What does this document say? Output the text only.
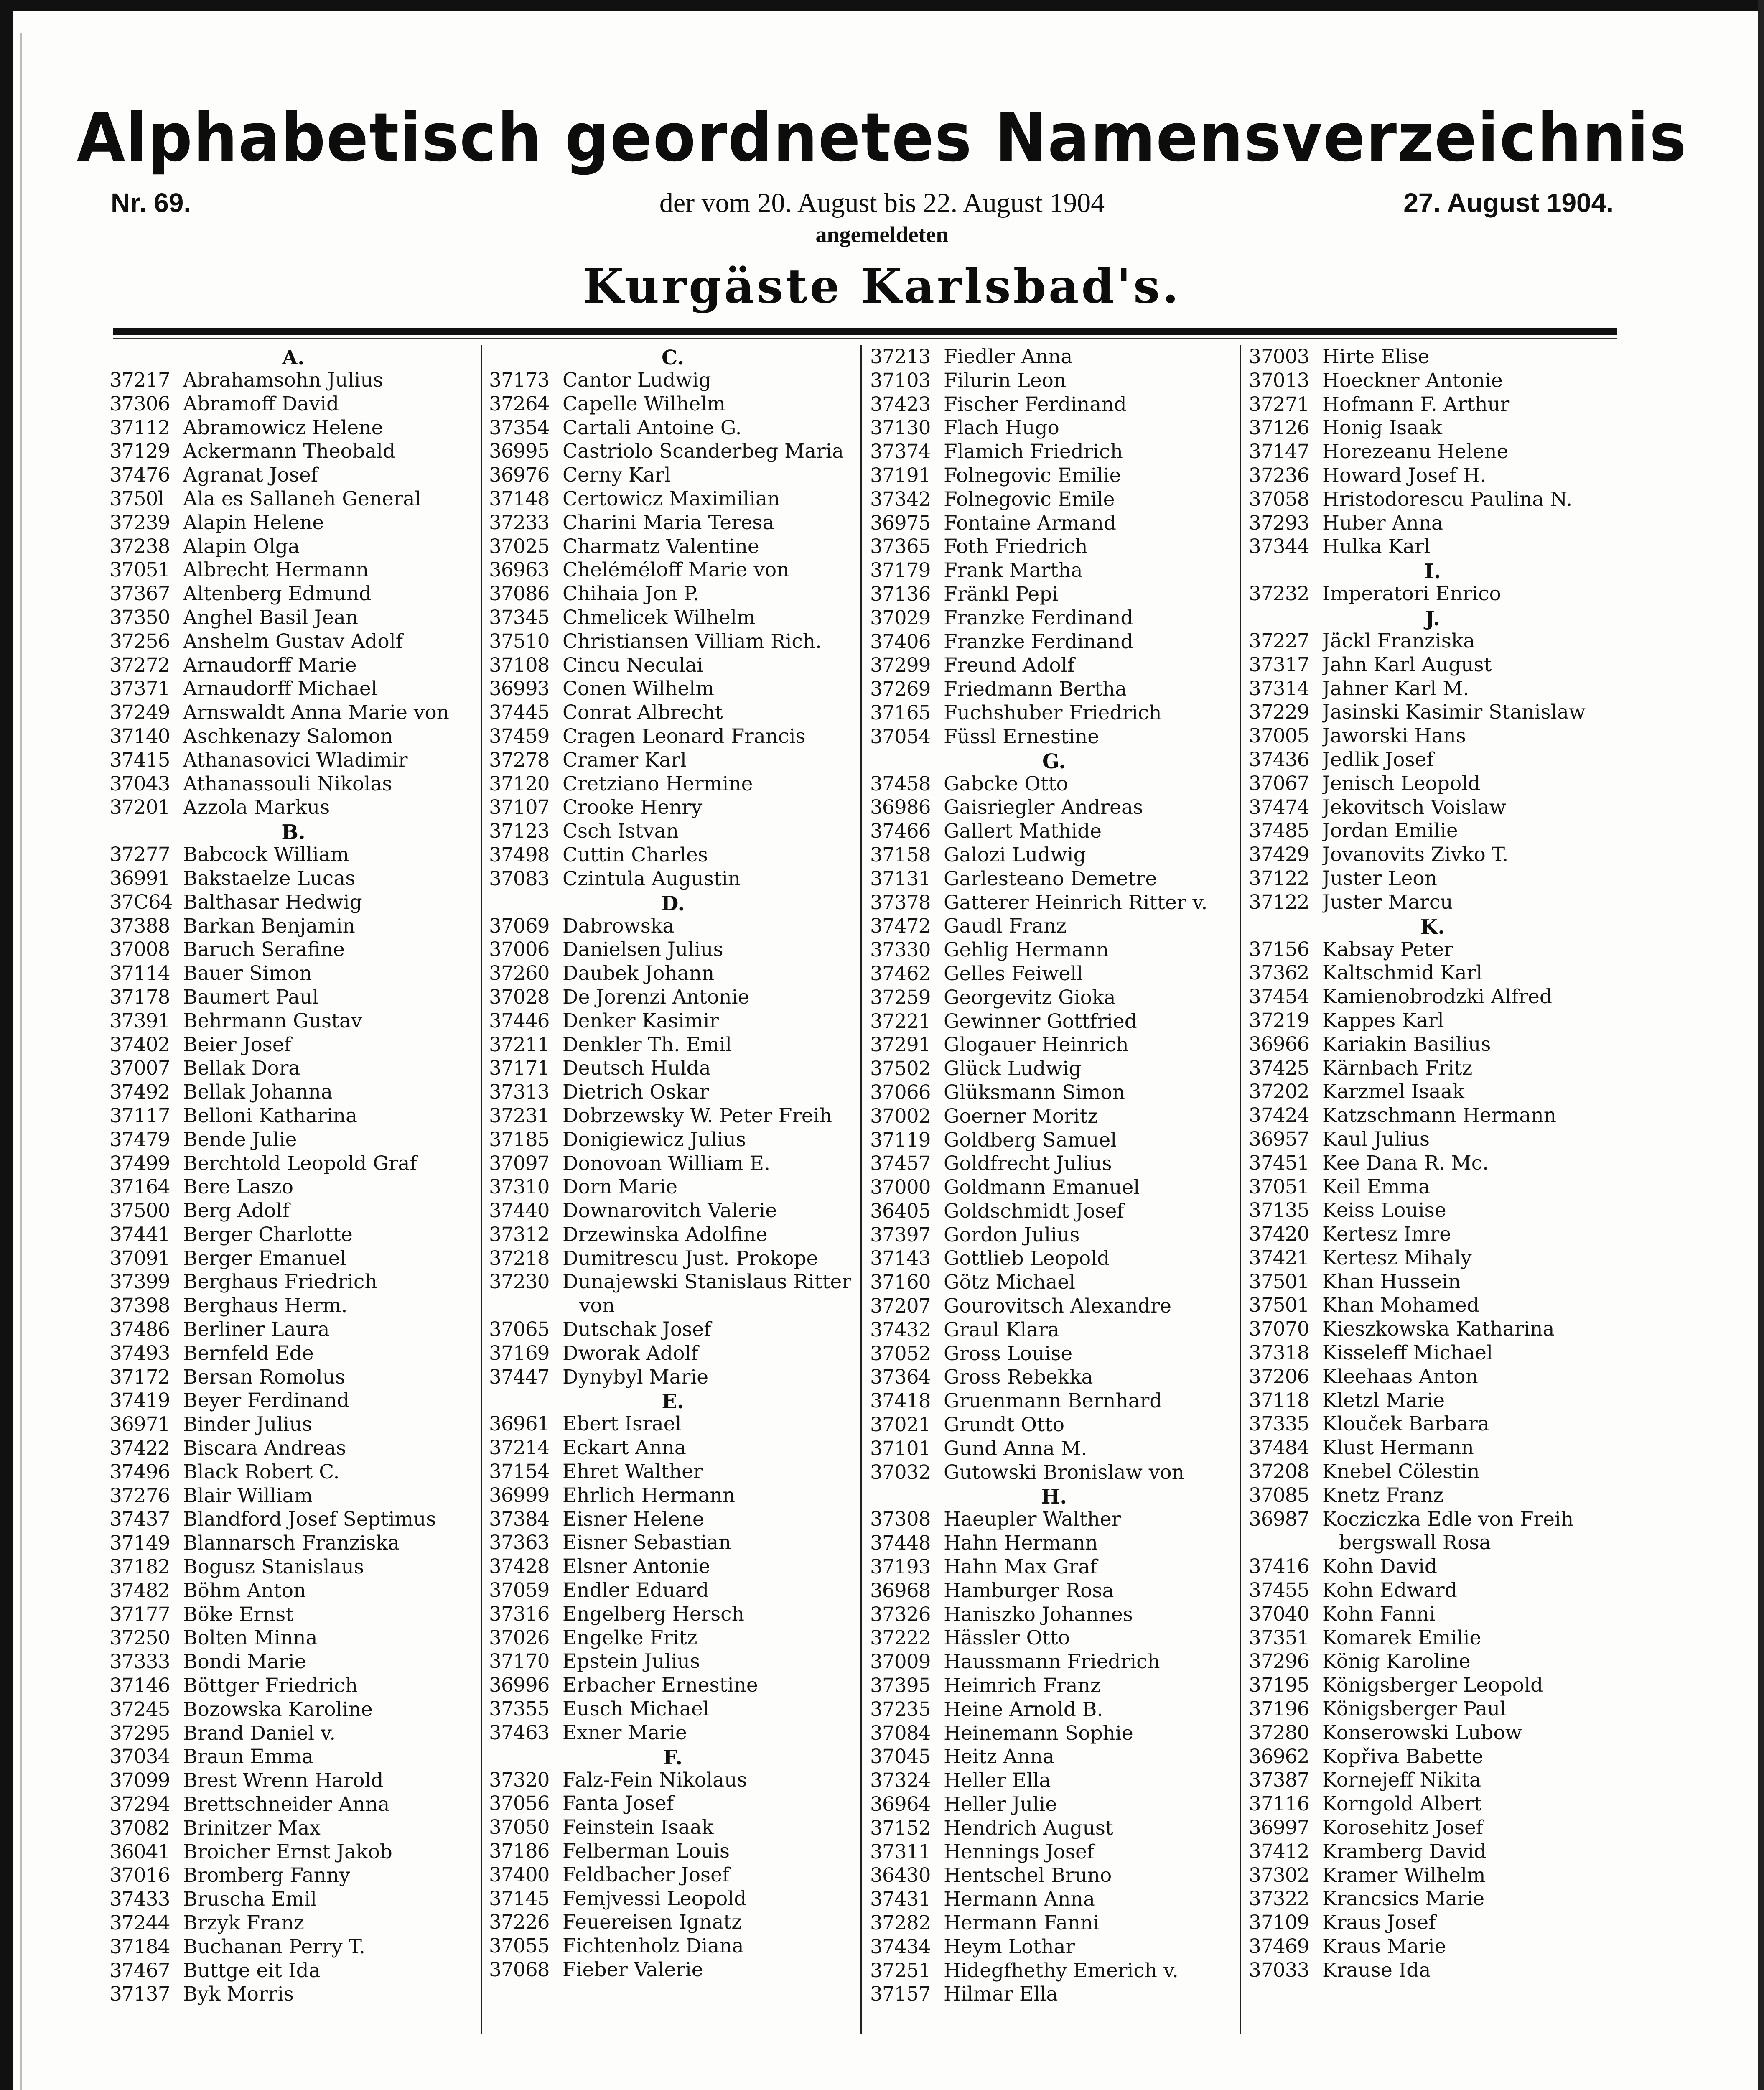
Alphabetisch geordnetes Namensverzeichnis
Nr. 69.	der vom 20. August bis 22. August 1904	27. August 1904.
angemeldeten
Kurgäste Karlsbad's.
A.
37217 Abrahamsohn Julius
37306 Abramoff David
37112 Abramowicz Helene
37129 Ackermann Theobald
37476 Agranat Josef
3750l Ala es Sallaneh General
37239 Alapin Helene
37238 Alapin Olga
37051 Albrecht Hermann
37367 Altenberg Edmund
37350 Anghel Basil Jean
37256 Anshelm Gustav Adolf
37272 Arnaudorff Marie
37371 Arnaudorff Michael
37249 Arnswaldt Anna Marie von
37140 Aschkenazy Salomon
37415 Athanasovici Wladimir
37043 Athanassouli Nikolas
37201 Azzola Markus
B.
37277 Babcock William
36991 Bakstaelze Lucas
37C64 Balthasar Hedwig
37388 Barkan Benjamin
37008 Baruch Serafine
37114 Bauer Simon
37178 Baumert Paul
37391 Behrmann Gustav
37402 Beier Josef
37007 Bellak Dora
37492 Bellak Johanna
37117 Belloni Katharina
37479 Bende Julie
37499 Berchtold Leopold Graf
37164 Bere Laszo
37500 Berg Adolf
37441 Berger Charlotte
37091 Berger Emanuel
37399 Berghaus Friedrich
37398 Berghaus Herm.
37486 Berliner Laura
37493 Bernfeld Ede
37172 Bersan Romolus
37419 Beyer Ferdinand
36971 Binder Julius
37422 Biscara Andreas
37496 Black Robert C.
37276 Blair William
37437 Blandford Josef Septimus
37149 Blannarsch Franziska
37182 Bogusz Stanislaus
37482 Böhm Anton
37177 Böke Ernst
37250 Bolten Minna
37333 Bondi Marie
37146 Böttger Friedrich
37245 Bozowska Karoline
37295 Brand Daniel v.
37034 Braun Emma
37099 Brest Wrenn Harold
37294 Brettschneider Anna
37082 Brinitzer Max
36041 Broicher Ernst Jakob
37016 Bromberg Fanny
37433 Bruscha Emil
37244 Brzyk Franz
37184 Buchanan Perry T.
37467 Buttge eit Ida
37137 Byk Morris
C.
37173 Cantor Ludwig
37264 Capelle Wilhelm
37354 Cartali Antoine G.
36995 Castriolo Scanderbeg Maria
36976 Cerny Karl
37148 Certowicz Maximilian
37233 Charini Maria Teresa
37025 Charmatz Valentine
36963 Cheléméloff Marie von
37086 Chihaia Jon P.
37345 Chmelicek Wilhelm
37510 Christiansen Villiam Rich.
37108 Cincu Neculai
36993 Conen Wilhelm
37445 Conrat Albrecht
37459 Cragen Leonard Francis
37278 Cramer Karl
37120 Cretziano Hermine
37107 Crooke Henry
37123 Csch Istvan
37498 Cuttin Charles
37083 Czintula Augustin
D.
37069 Dabrowska
37006 Danielsen Julius
37260 Daubek Johann
37028 De Jorenzi Antonie
37446 Denker Kasimir
37211 Denkler Th. Emil
37171 Deutsch Hulda
37313 Dietrich Oskar
37231 Dobrzewsky W. Peter Freih
37185 Donigiewicz Julius
37097 Donovoan William E.
37310 Dorn Marie
37440 Downarovitch Valerie
37312 Drzewinska Adolfine
37218 Dumitrescu Just. Prokope
37230 Dunajewski Stanislaus Ritter
von
37065 Dutschak Josef
37169 Dworak Adolf
37447 Dynybyl Marie
E.
36961 Ebert Israel
37214 Eckart Anna
37154 Ehret Walther
36999 Ehrlich Hermann
37384 Eisner Helene
37363 Eisner Sebastian
37428 Elsner Antonie
37059 Endler Eduard
37316 Engelberg Hersch
37026 Engelke Fritz
37170 Epstein Julius
36996 Erbacher Ernestine
37355 Eusch Michael
37463 Exner Marie
F.
37320 Falz-Fein Nikolaus
37056 Fanta Josef
37050 Feinstein Isaak
37186 Felberman Louis
37400 Feldbacher Josef
37145 Femjvessi Leopold
37226 Feuereisen Ignatz
37055 Fichtenholz Diana
37068 Fieber Valerie
37213 Fiedler Anna
37103 Filurin Leon
37423 Fischer Ferdinand
37130 Flach Hugo
37374 Flamich Friedrich
37191 Folnegovic Emilie
37342 Folnegovic Emile
36975 Fontaine Armand
37365 Foth Friedrich
37179 Frank Martha
37136 Fränkl Pepi
37029 Franzke Ferdinand
37406 Franzke Ferdinand
37299 Freund Adolf
37269 Friedmann Bertha
37165 Fuchshuber Friedrich
37054 Füssl Ernestine
G.
37458 Gabcke Otto
36986 Gaisriegler Andreas
37466 Gallert Mathide
37158 Galozi Ludwig
37131 Garlesteano Demetre
37378 Gatterer Heinrich Ritter v.
37472 Gaudl Franz
37330 Gehlig Hermann
37462 Gelles Feiwell
37259 Georgevitz Gioka
37221 Gewinner Gottfried
37291 Glogauer Heinrich
37502 Glück Ludwig
37066 Glüksmann Simon
37002 Goerner Moritz
37119 Goldberg Samuel
37457 Goldfrecht Julius
37000 Goldmann Emanuel
36405 Goldschmidt Josef
37397 Gordon Julius
37143 Gottlieb Leopold
37160 Götz Michael
37207 Gourovitsch Alexandre
37432 Graul Klara
37052 Gross Louise
37364 Gross Rebekka
37418 Gruenmann Bernhard
37021 Grundt Otto
37101 Gund Anna M.
37032 Gutowski Bronislaw von
H.
37308 Haeupler Walther
37448 Hahn Hermann
37193 Hahn Max Graf
36968 Hamburger Rosa
37326 Haniszko Johannes
37222 Hässler Otto
37009 Haussmann Friedrich
37395 Heimrich Franz
37235 Heine Arnold B.
37084 Heinemann Sophie
37045 Heitz Anna
37324 Heller Ella
36964 Heller Julie
37152 Hendrich August
37311 Hennings Josef
36430 Hentschel Bruno
37431 Hermann Anna
37282 Hermann Fanni
37434 Heym Lothar
37251 Hidegfhethy Emerich v.
37157 Hilmar Ella
37003 Hirte Elise
37013 Hoeckner Antonie
37271 Hofmann F. Arthur
37126 Honig Isaak
37147 Horezeanu Helene
37236 Howard Josef H.
37058 Hristodorescu Paulina N.
37293 Huber Anna
37344 Hulka Karl
I.
37232 Imperatori Enrico
J.
37227 Jäckl Franziska
37317 Jahn Karl August
37314 Jahner Karl M.
37229 Jasinski Kasimir Stanislaw
37005 Jaworski Hans
37436 Jedlik Josef
37067 Jenisch Leopold
37474 Jekovitsch Voislaw
37485 Jordan Emilie
37429 Jovanovits Zivko T.
37122 Juster Leon
37122 Juster Marcu
K.
37156 Kabsay Peter
37362 Kaltschmid Karl
37454 Kamienobrodzki Alfred
37219 Kappes Karl
36966 Kariakin Basilius
37425 Kärnbach Fritz
37202 Karzmel Isaak
37424 Katzschmann Hermann
36957 Kaul Julius
37451 Kee Dana R. Mc.
37051 Keil Emma
37135 Keiss Louise
37420 Kertesz Imre
37421 Kertesz Mihaly
37501 Khan Hussein
37501 Khan Mohamed
37070 Kieszkowska Katharina
37318 Kisseleff Michael
37206 Kleehaas Anton
37118 Kletzl Marie
37335 Klouček Barbara
37484 Klust Hermann
37208 Knebel Cölestin
37085 Knetz Franz
36987 Kocziczka Edle von Freih
bergswall Rosa
37416 Kohn David
37455 Kohn Edward
37040 Kohn Fanni
37351 Komarek Emilie
37296 König Karoline
37195 Königsberger Leopold
37196 Königsberger Paul
37280 Konserowski Lubow
36962 Kopřiva Babette
37387 Kornejeff Nikita
37116 Korngold Albert
36997 Korosehitz Josef
37412 Kramberg David
37302 Kramer Wilhelm
37322 Krancsics Marie
37109 Kraus Josef
37469 Kraus Marie
37033 Krause Ida
